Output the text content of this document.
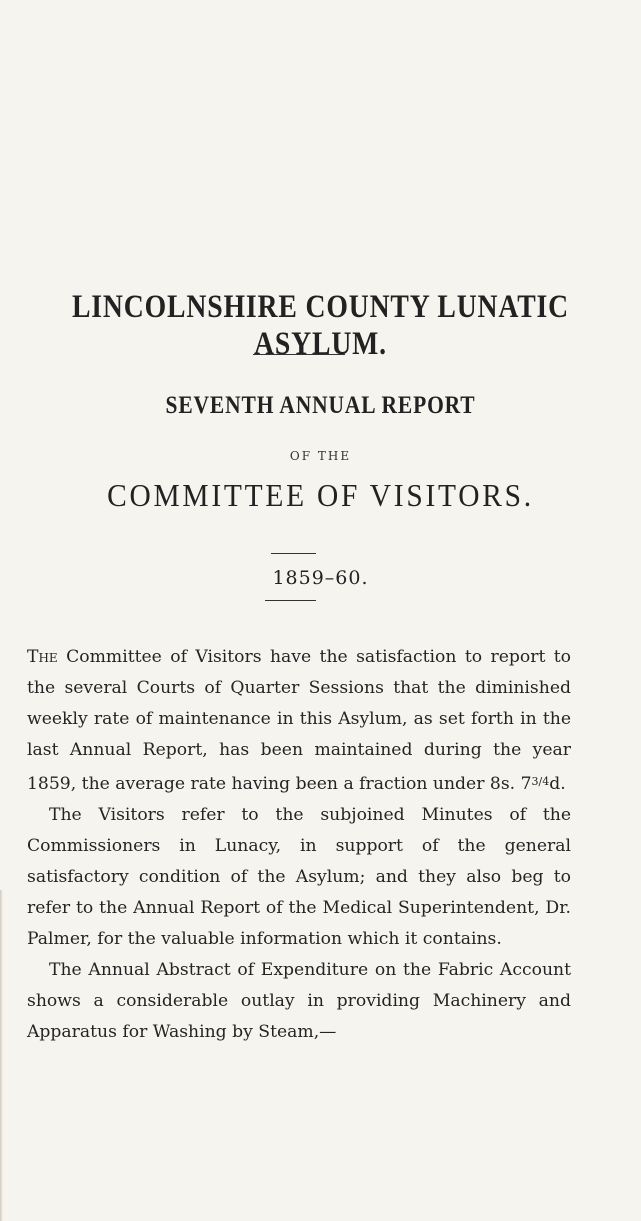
LINCOLNSHIRE COUNTY LUNATIC ASYLUM.
SEVENTH ANNUAL REPORT
OF THE
COMMITTEE OF VISITORS.
1859–60.

The Committee of Visitors have the satisfaction to report to the several Courts of Quarter Sessions that the diminished weekly rate of maintenance in this Asylum, as set forth in the last Annual Report, has been maintained during the year 1859, the average rate having been a fraction under 8s. $7^{3/4}d$.

The Visitors refer to the subjoined Minutes of the Commissioners in Lunacy, in support of the general satisfactory condition of the Asylum; and they also beg to refer to the Annual Report of the Medical Superintendent, Dr. Palmer, for the valuable information which it contains.

The Annual Abstract of Expenditure on the Fabric Account shows a considerable outlay in providing Machinery and Apparatus for Washing by Steam,—
